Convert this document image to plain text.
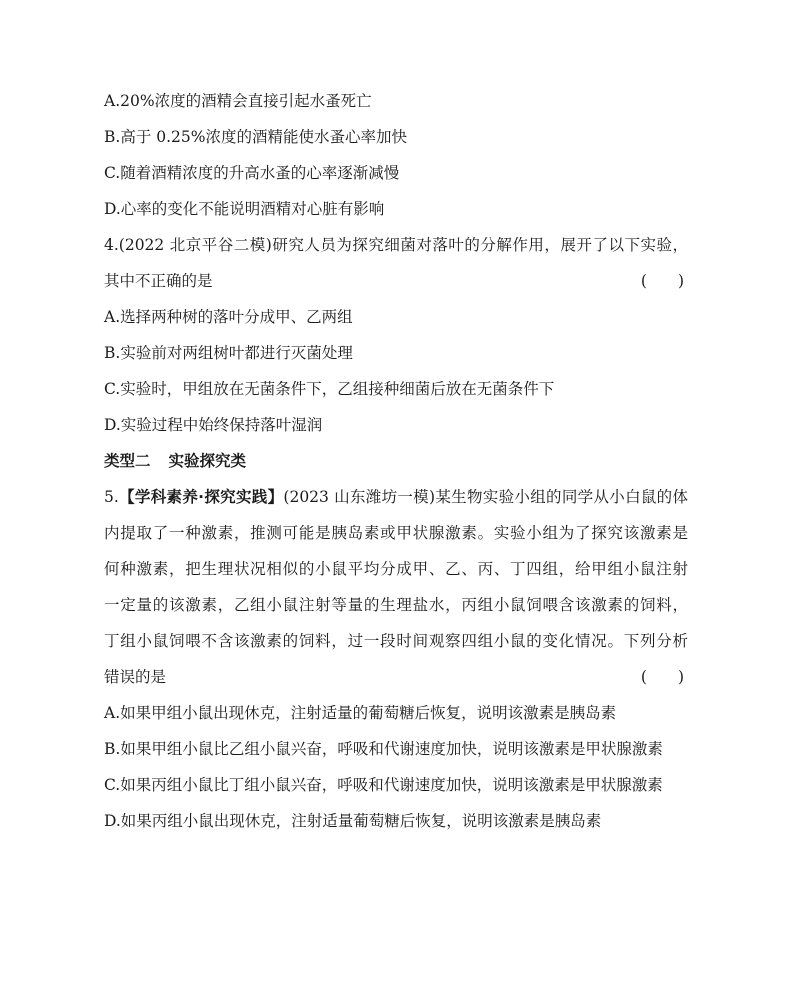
A.20%浓度的酒精会直接引起水蚤死亡
B.高于 0.25%浓度的酒精能使水蚤心率加快
C.随着酒精浓度的升高水蚤的心率逐渐减慢
D.心率的变化不能说明酒精对心脏有影响
4.(2022 北京平谷二模)研究人员为探究细菌对落叶的分解作用，展开了以下实验，
其中不正确的是	(　　)
A.选择两种树的落叶分成甲、乙两组
B.实验前对两组树叶都进行灭菌处理
C.实验时，甲组放在无菌条件下，乙组接种细菌后放在无菌条件下
D.实验过程中始终保持落叶湿润
类型二 实验探究类
5.【学科素养·探究实践】(2023 山东潍坊一模)某生物实验小组的同学从小白鼠的体
内提取了一种激素，推测可能是胰岛素或甲状腺激素。实验小组为了探究该激素是
何种激素，把生理状况相似的小鼠平均分成甲、乙、丙、丁四组，给甲组小鼠注射
一定量的该激素，乙组小鼠注射等量的生理盐水，丙组小鼠饲喂含该激素的饲料，
丁组小鼠饲喂不含该激素的饲料，过一段时间观察四组小鼠的变化情况。下列分析
错误的是	(　　)
A.如果甲组小鼠出现休克，注射适量的葡萄糖后恢复，说明该激素是胰岛素
B.如果甲组小鼠比乙组小鼠兴奋，呼吸和代谢速度加快，说明该激素是甲状腺激素
C.如果丙组小鼠比丁组小鼠兴奋，呼吸和代谢速度加快，说明该激素是甲状腺激素
D.如果丙组小鼠出现休克，注射适量葡萄糖后恢复，说明该激素是胰岛素
